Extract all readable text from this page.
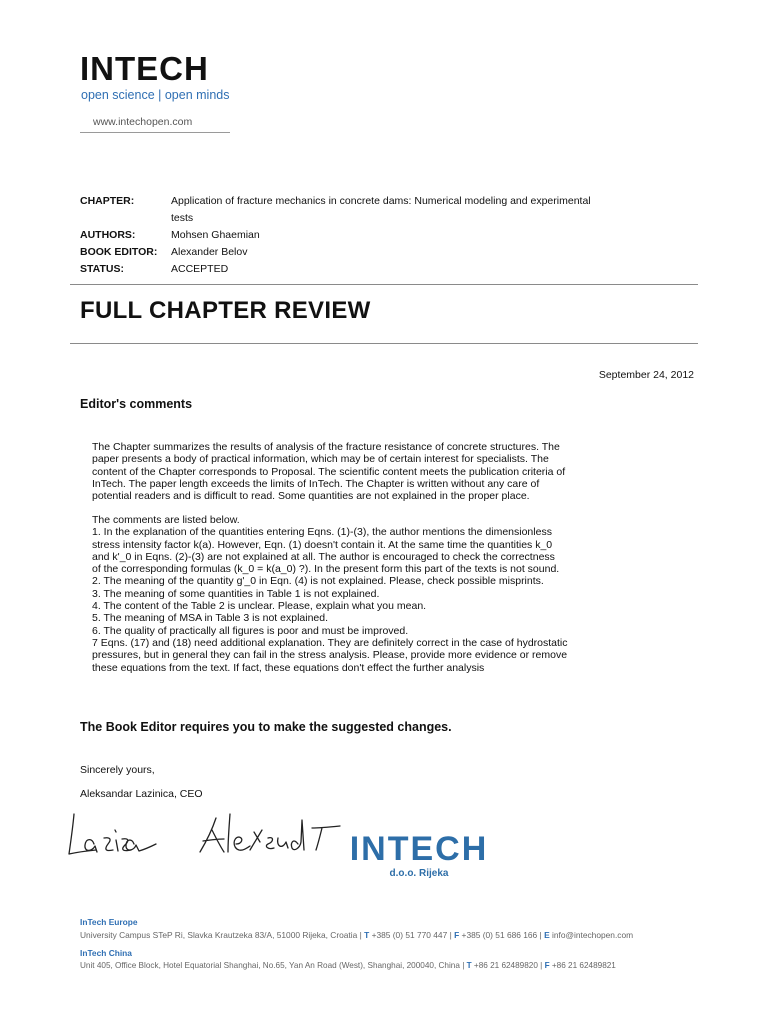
INTECH
open science | open minds
www.intechopen.com
CHAPTER:	Application of fracture mechanics in concrete dams: Numerical modeling and experimental tests
AUTHORS:	Mohsen Ghaemian
BOOK EDITOR:	Alexander Belov
STATUS:	ACCEPTED
FULL CHAPTER REVIEW
September 24, 2012
Editor's comments

The Chapter summarizes the results of analysis of the fracture resistance of concrete structures. The

paper presents a body of practical information, which may be of certain interest for specialists. The

content of the Chapter corresponds to Proposal. The scientific content meets the publication criteria of

InTech. The paper length exceeds the limits of InTech. The Chapter is written without any care of

potential readers and is difficult to read. Some quantities are not explained in the proper place.

The comments are listed below.

1. In the explanation of the quantities entering Eqns. (1)-(3), the author mentions the dimensionless

stress intensity factor k(a). However, Eqn. (1) doesn't contain it. At the same time the quantities k_0

and k'_0 in Eqns. (2)-(3) are not explained at all. The author is encouraged to check the correctness

of the corresponding formulas (k_0 = k(a_0) ?). In the present form this part of the texts is not sound.

2. The meaning of the quantity g'_0 in Eqn. (4) is not explained. Please, check possible misprints.

3. The meaning of some quantities in Table 1 is not explained.

4. The content of the Table 2 is unclear. Please, explain what you mean.

5. The meaning of MSA in Table 3 is not explained.

6. The quality of practically all figures is poor and must be improved.

7 Eqns. (17) and (18) need additional explanation. They are definitely correct in the case of hydrostatic

pressures, but in general they can fail in the stress analysis. Please, provide more evidence or remove

these equations from the text. If fact, these equations don't effect the further analysis

The Book Editor requires you to make the suggested changes.
Sincerely yours,
Aleksandar Lazinica, CEO
INTECH
d.o.o. Rijeka
InTech Europe
University Campus STeP Ri, Slavka Krautzeka 83/A, 51000 Rijeka, Croatia | T +385 (0) 51 770 447 | F +385 (0) 51 686 166 | E info@intechopen.com
InTech China
Unit 405, Office Block, Hotel Equatorial Shanghai, No.65, Yan An Road (West), Shanghai, 200040, China | T +86 21 62489820 | F +86 21 62489821
